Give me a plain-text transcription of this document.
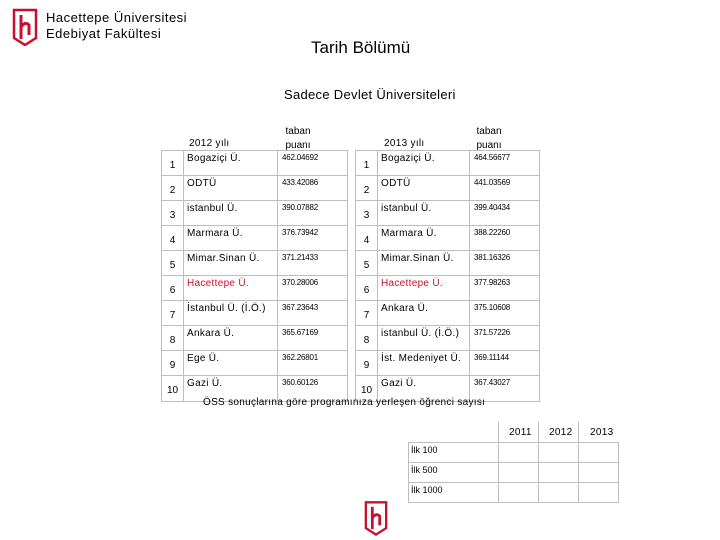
Hacettepe Üniversitesi
Edebiyat Fakültesi
Tarih Bölümü
Sadece Devlet Üniversiteleri
2012 yılı
taban
puanı	2013 yılı
taban
puanı
1	Bogaziçi Ü.	462.04692
2	ODTÜ	433.42086
3	istanbul Ü.	390.07882
4	Marmara Ü.	376.73942
5	Mimar.Sinan Ü.	371.21433
6	Hacettepe Ü.	370.28006
7	İstanbul Ü. (İ.Ö.)	367.23643
8	Ankara Ü.	365.67169
9	Ege Ü.	362.26801
10	Gazi Ü.	360.60126
1	Bogaziçi Ü.	464.56677
2	ODTÜ	441.03569
3	istanbul Ü.	399.40434
4	Marmara Ü.	388.22260
5	Mimar.Sinan Ü.	381.16326
6	Hacettepe Ü.	377.98263
7	Ankara Ü.	375.10608
8	istanbul Ü. (İ.Ö.)	371.57226
9	İst. Medeniyet Ü.	369.11144
10	Gazi Ü.	367.43027
ÖSS sonuçlarına göre programınıza yerleşen öğrenci sayısı
2011 2012 2013

İlk 100			
İlk 500			
İlk 1000			
